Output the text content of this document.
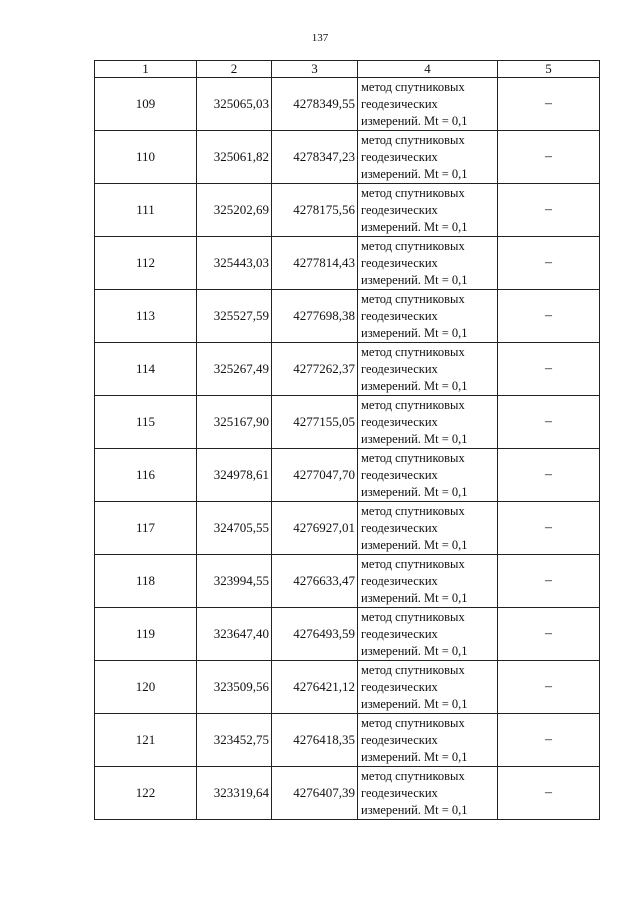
137
1	2	3	4	5
109	325065,03	4278349,55	метод спутниковых
геодезических
измерений. Mt = 0,1	–
110	325061,82	4278347,23	метод спутниковых
геодезических
измерений. Mt = 0,1	–
111	325202,69	4278175,56	метод спутниковых
геодезических
измерений. Mt = 0,1	–
112	325443,03	4277814,43	метод спутниковых
геодезических
измерений. Mt = 0,1	–
113	325527,59	4277698,38	метод спутниковых
геодезических
измерений. Mt = 0,1	–
114	325267,49	4277262,37	метод спутниковых
геодезических
измерений. Mt = 0,1	–
115	325167,90	4277155,05	метод спутниковых
геодезических
измерений. Mt = 0,1	–
116	324978,61	4277047,70	метод спутниковых
геодезических
измерений. Mt = 0,1	–
117	324705,55	4276927,01	метод спутниковых
геодезических
измерений. Mt = 0,1	–
118	323994,55	4276633,47	метод спутниковых
геодезических
измерений. Mt = 0,1	–
119	323647,40	4276493,59	метод спутниковых
геодезических
измерений. Mt = 0,1	–
120	323509,56	4276421,12	метод спутниковых
геодезических
измерений. Mt = 0,1	–
121	323452,75	4276418,35	метод спутниковых
геодезических
измерений. Mt = 0,1	–
122	323319,64	4276407,39	метод спутниковых
геодезических
измерений. Mt = 0,1	–
